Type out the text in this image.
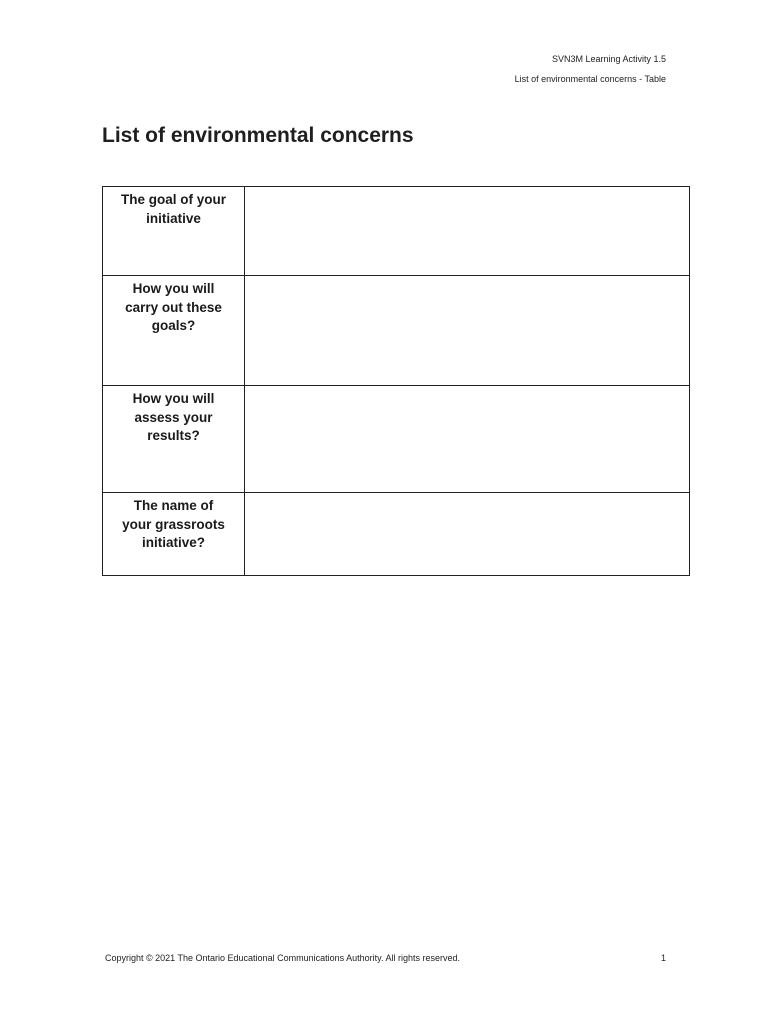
SVN3M Learning Activity 1.5
List of environmental concerns - Table
List of environmental concerns
The goal of your initiative	
How you will carry out these goals?	
How you will assess your results?	
The name of your grassroots initiative?	
Copyright © 2021 The Ontario Educational Communications Authority. All rights reserved.	1
